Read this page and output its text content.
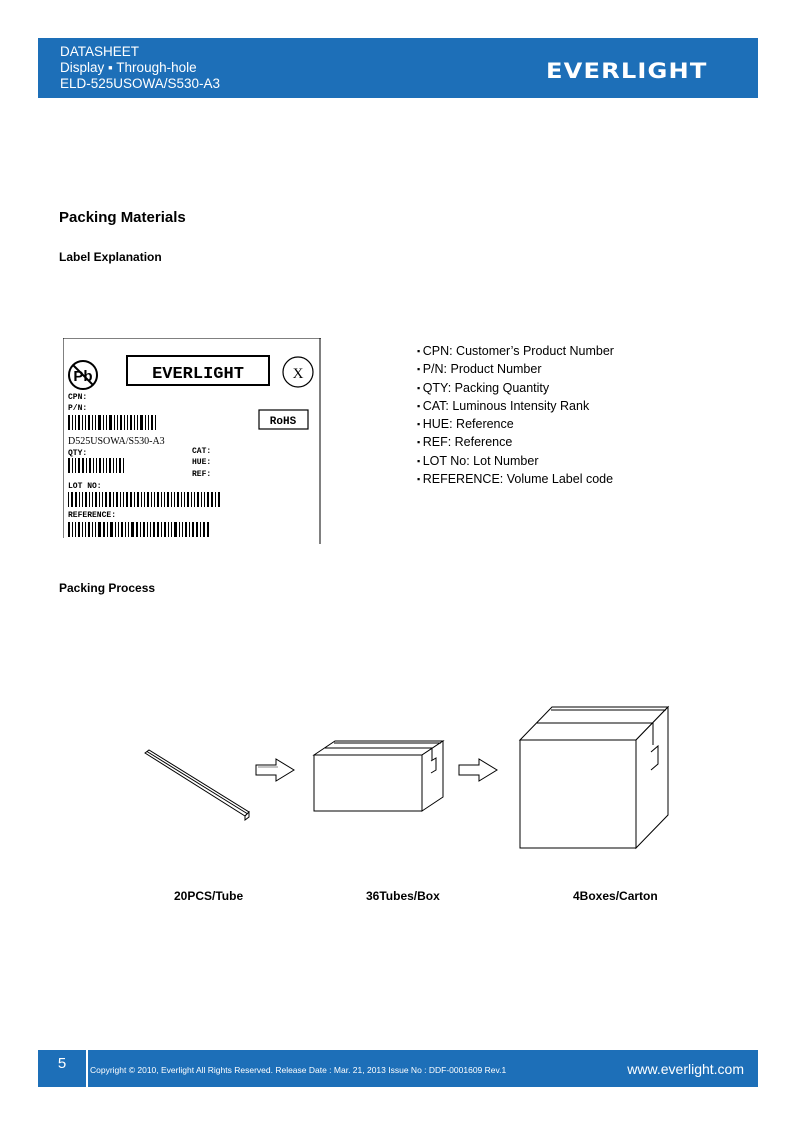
DATASHEET
Display ▪ Through-hole
ELD-525USOWA/S530-A3
EVERLIGHT
Packing Materials
Label Explanation
Pb	EVERLIGHT	X
CPN:
P/N:
RoHS
D525USOWA/S530-A3
QTY:	CAT:
HUE:
REF:
LOT NO:
REFERENCE:
▪ CPN: Customer’s Product Number
▪ P/N: Product Number
▪ QTY: Packing Quantity
▪ CAT: Luminous Intensity Rank
▪ HUE: Reference
▪ REF: Reference
▪ LOT No: Lot Number
▪ REFERENCE: Volume Label code
Packing Process
20PCS/Tube	36Tubes/Box	4Boxes/Carton
5	Copyright © 2010, Everlight All Rights Reserved. Release Date : Mar. 21, 2013 Issue No : DDF-0001609 Rev.1	www.everlight.com
